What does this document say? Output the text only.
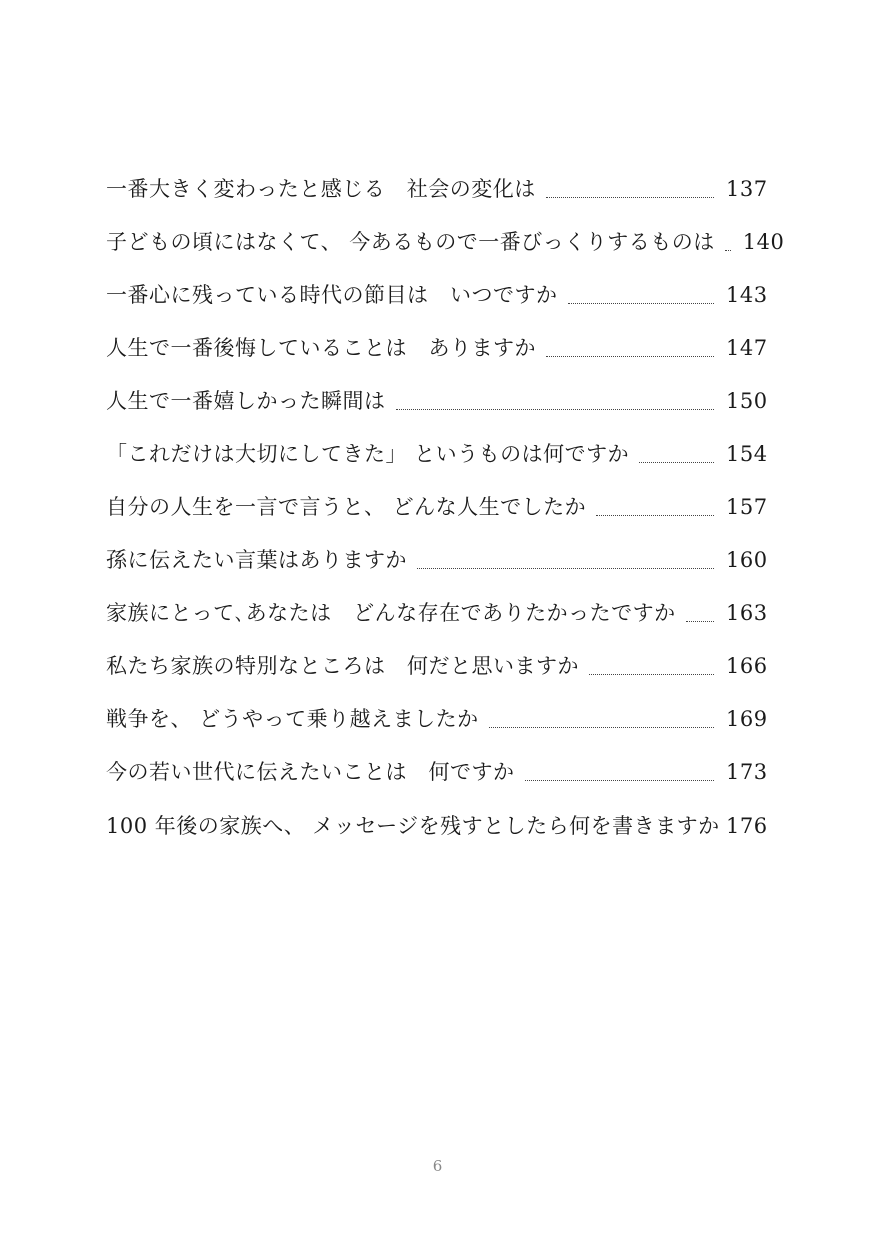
一番大きく変わったと感じる　社会の変化は	137
子どもの頃にはなくて、 今あるもので一番びっくりするものは 140
一番心に残っている時代の節目は　いつですか	143
人生で一番後悔していることは　ありますか	147
人生で一番嬉しかった瞬間は	150
「これだけは大切にしてきた」 というものは何ですか	154
自分の人生を一言で言うと、 どんな人生でしたか	157
孫に伝えたい言葉はありますか	160
家族にとって､あなたは　どんな存在でありたかったですか 163
私たち家族の特別なところは　何だと思いますか	166
戦争を、 どうやって乗り越えましたか	169
今の若い世代に伝えたいことは　何ですか	173
100 年後の家族へ、 メッセージを残すとしたら何を書きますか 176
6
